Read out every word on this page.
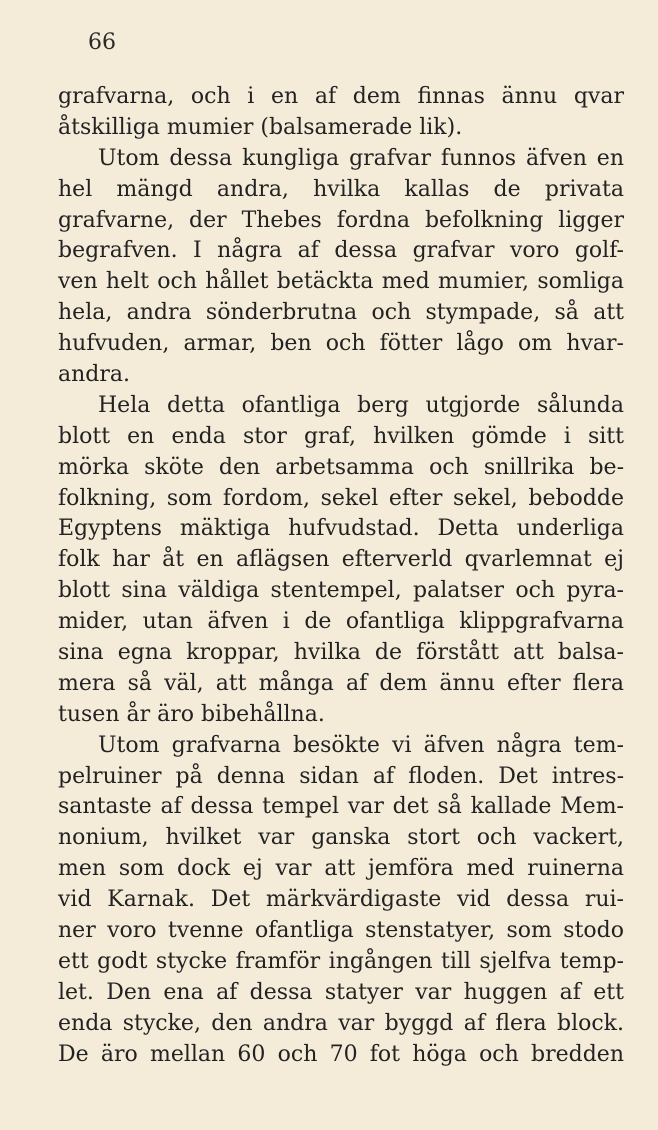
66
grafvarna, och i en af dem finnas ännu qvar
åtskilliga mumier (balsamerade lik).
Utom dessa kungliga grafvar funnos äfven en
hel mängd andra, hvilka kallas de privata
grafvarne, der Thebes fordna befolkning ligger
begrafven. I några af dessa grafvar voro golf-
ven helt och hållet betäckta med mumier, somliga
hela, andra sönderbrutna och stympade, så att
hufvuden, armar, ben och fötter lågo om hvar-
andra.
Hela detta ofantliga berg utgjorde sålunda
blott en enda stor graf, hvilken gömde i sitt
mörka sköte den arbetsamma och snillrika be-
folkning, som fordom, sekel efter sekel, bebodde
Egyptens mäktiga hufvudstad. Detta underliga
folk har åt en aflägsen efterverld qvarlemnat ej
blott sina väldiga stentempel, palatser och pyra-
mider, utan äfven i de ofantliga klippgrafvarna
sina egna kroppar, hvilka de förstått att balsa-
mera så väl, att många af dem ännu efter flera
tusen år äro bibehållna.
Utom grafvarna besökte vi äfven några tem-
pelruiner på denna sidan af floden. Det intres-
santaste af dessa tempel var det så kallade Mem-
nonium, hvilket var ganska stort och vackert,
men som dock ej var att jemföra med ruinerna
vid Karnak. Det märkvärdigaste vid dessa rui-
ner voro tvenne ofantliga stenstatyer, som stodo
ett godt stycke framför ingången till sjelfva temp-
let. Den ena af dessa statyer var huggen af ett
enda stycke, den andra var byggd af flera block.
De äro mellan 60 och 70 fot höga och bredden
